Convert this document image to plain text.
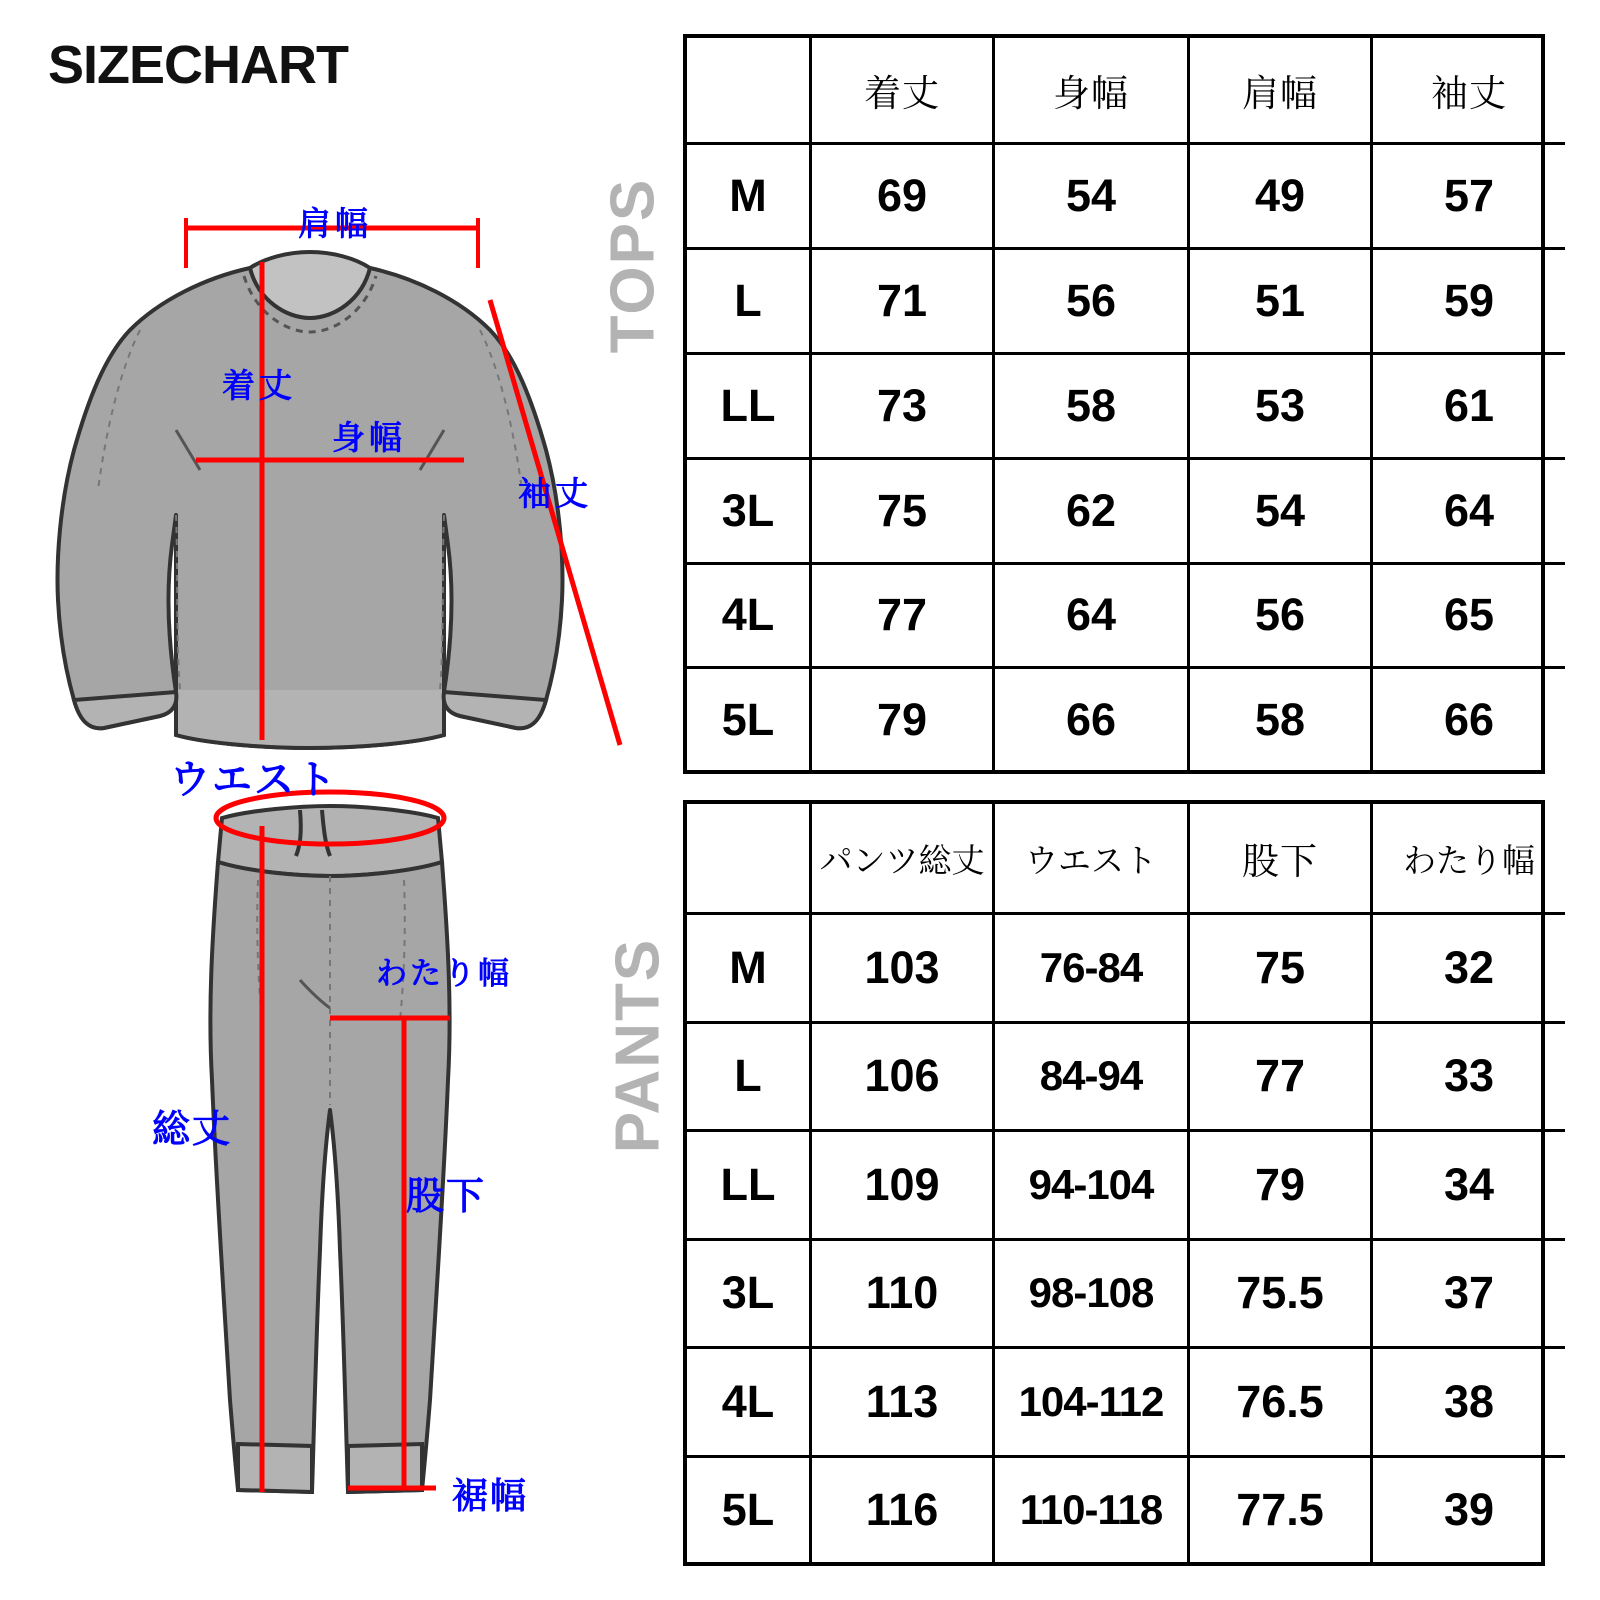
SIZECHART
肩幅
着丈
身幅
袖丈
ウエスト
わたり幅
総丈
股下
裾幅
TOPS
PANTS
	着丈	身幅	肩幅	袖丈
M	69	54	49	57
L	71	56	51	59
LL	73	58	53	61
3L	75	62	54	64
4L	77	64	56	65
5L	79	66	58	66
	パンツ総丈	ウエスト	股下	わたり幅
M	103	76-84	75	32
L	106	84-94	77	33
LL	109	94-104	79	34
3L	110	98-108	75.5	37
4L	113	104-112	76.5	38
5L	116	110-118	77.5	39
